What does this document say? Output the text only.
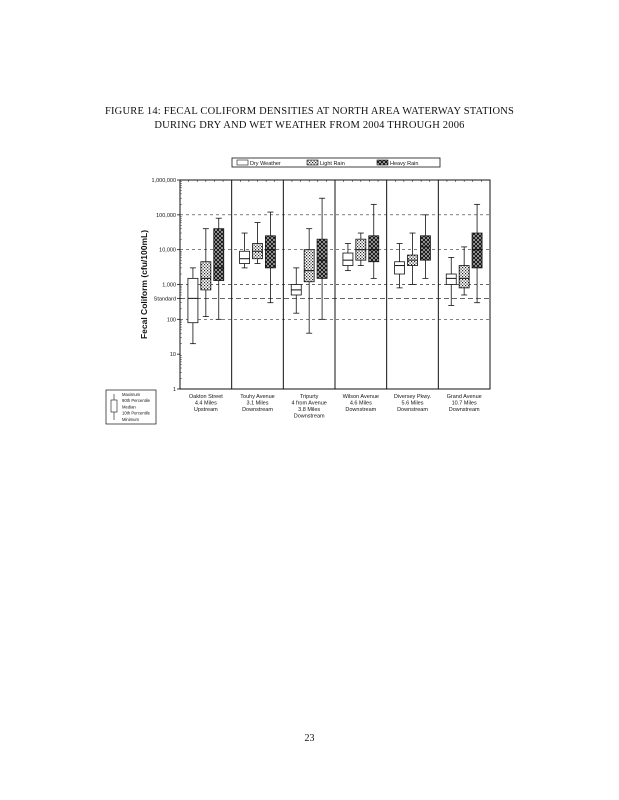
FIGURE 14: FECAL COLIFORM DENSITIES AT NORTH AREA WATERWAY STATIONS
DURING DRY AND WET WEATHER FROM 2004 THROUGH 2006
1,000,000
100,000
10,000
1,000
Standard
100
10
1
Fecal Coliform (cfu/100mL)
Oakton Street 4.4 Miles Upstream
Touhy Avenue 3.1 Miles Downstream
Tripurty 4 from Avenue 3.8 Miles Downstream
Wilson Avenue 4.6 Miles Downstream
Diversey Pkwy. 5.6 Miles Downstream
Grand Avenue 10.7 Miles Downstream
Dry Weather	Light Rain	Heavy Rain
Maximum
90th Percentile
Median
10th Percentile
Minimum
23
